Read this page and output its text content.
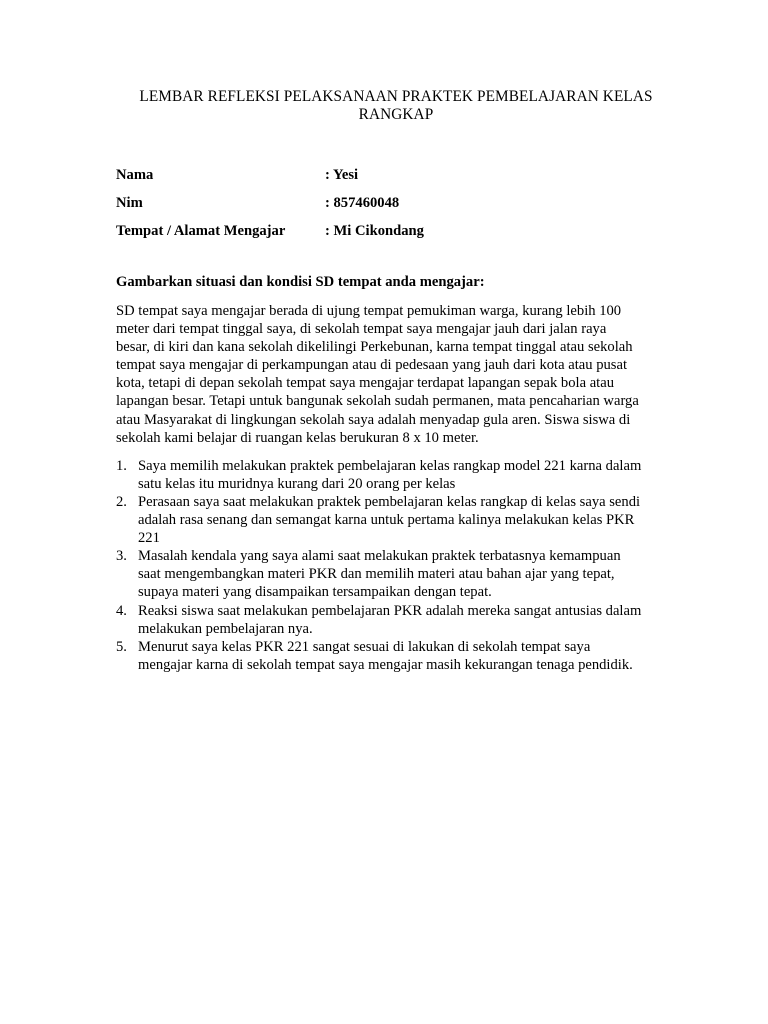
LEMBAR REFLEKSI PELAKSANAAN PRAKTEK PEMBELAJARAN KELAS
RANGKAP
Nama	: Yesi
Nim	: 857460048
Tempat / Alamat Mengajar	: Mi Cikondang
Gambarkan situasi dan kondisi SD tempat anda mengajar:
SD tempat saya mengajar berada di ujung tempat pemukiman warga, kurang lebih 100
meter dari tempat tinggal saya, di sekolah tempat saya mengajar jauh dari jalan raya
besar, di kiri dan kana sekolah dikelilingi Perkebunan, karna tempat tinggal atau sekolah
tempat saya mengajar di perkampungan atau di pedesaan yang jauh dari kota atau pusat
kota, tetapi di depan sekolah tempat saya mengajar terdapat lapangan sepak bola atau
lapangan besar. Tetapi untuk bangunak sekolah sudah permanen, mata pencaharian warga
atau Masyarakat di lingkungan sekolah saya adalah menyadap gula aren. Siswa siswa di
sekolah kami belajar di ruangan kelas berukuran 8 x 10 meter.
1. Saya memilih melakukan praktek pembelajaran kelas rangkap model 221 karna dalam
satu kelas itu muridnya kurang dari 20 orang per kelas
2. Perasaan saya saat melakukan praktek pembelajaran kelas rangkap di kelas saya sendi
adalah rasa senang dan semangat karna untuk pertama kalinya melakukan kelas PKR
221
3. Masalah kendala yang saya alami saat melakukan praktek terbatasnya kemampuan
saat mengembangkan materi PKR dan memilih materi atau bahan ajar yang tepat,
supaya materi yang disampaikan tersampaikan dengan tepat.
4. Reaksi siswa saat melakukan pembelajaran PKR adalah mereka sangat antusias dalam
melakukan pembelajaran nya.
5. Menurut saya kelas PKR 221 sangat sesuai di lakukan di sekolah tempat saya
mengajar karna di sekolah tempat saya mengajar masih kekurangan tenaga pendidik.
